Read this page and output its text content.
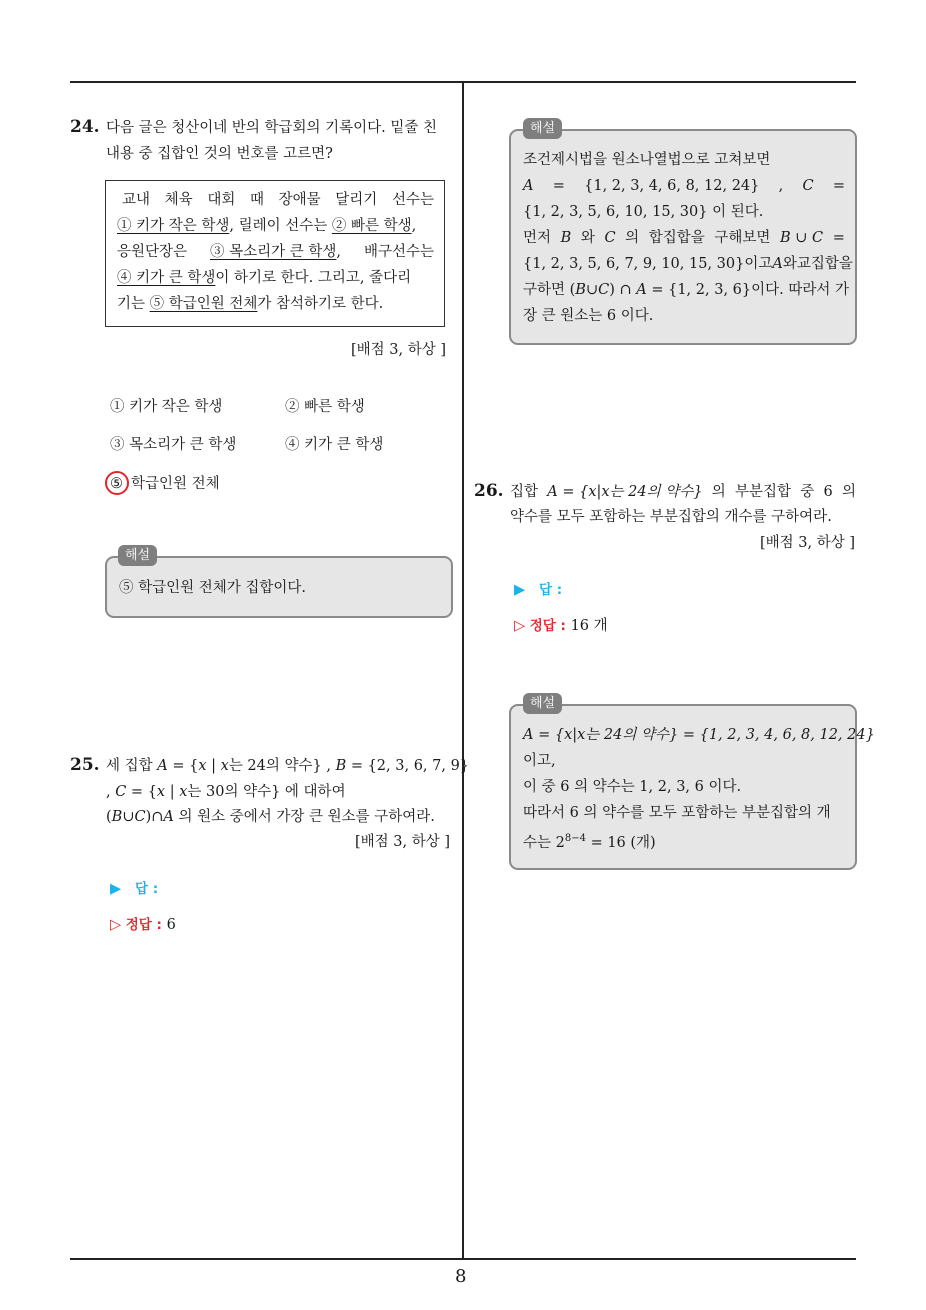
8
24. 다음 글은 청산이네 반의 학급회의 기록이다. 밑줄 친
내용 중 집합인 것의 번호를 고르면?
교내 체육 대회 때 장애물 달리기 선수는
① 키가 작은 학생, 릴레이 선수는 ② 빠른 학생,
응원단장은 ③ 목소리가 큰 학생, 배구선수는
④ 키가 큰 학생이 하기로 한다. 그리고, 줄다리
기는 ⑤ 학급인원 전체가 참석하기로 한다.
[배점 3, 하상 ]
① 키가 작은 학생	② 빠른 학생
③ 목소리가 큰 학생	④ 키가 큰 학생
⑤ 학급인원 전체
해설
⑤ 학급인원 전체가 집합이다.
25. 세 집합 A = {x | x는 24의 약수} , B = {2, 3, 6, 7, 9}
, C = {x | x는 30의 약수} 에 대하여
(B∪C)∩A 의 원소 중에서 가장 큰 원소를 구하여라.
[배점 3, 하상 ]
▶ 답 :
▷ 정답 : 6
해설
조건제시법을 원소나열법으로 고쳐보면
A = {1, 2, 3, 4, 6, 8, 12, 24} , C =
{1, 2, 3, 5, 6, 10, 15, 30} 이 된다.
먼저 B 와 C 의 합집합을 구해보면 B ∪ C =
{1, 2, 3, 5, 6, 7, 9, 10, 15, 30} 이고 A 와 교집합을
구하면 (B∪C) ∩ A = {1, 2, 3, 6}이다. 따라서 가
장 큰 원소는 6 이다.
26. 집합 A = {x|x는 24의 약수} 의 부분집합 중 6 의
약수를 모두 포함하는 부분집합의 개수를 구하여라.
[배점 3, 하상 ]
▶ 답 :
▷ 정답 : 16 개
해설
A = {x|x는 24의 약수} = {1, 2, 3, 4, 6, 8, 12, 24}
이고,
이 중 6 의 약수는 1, 2, 3, 6 이다.
따라서 6 의 약수를 모두 포함하는 부분집합의 개
수는 $2^{8-4} = 16$ (개)
